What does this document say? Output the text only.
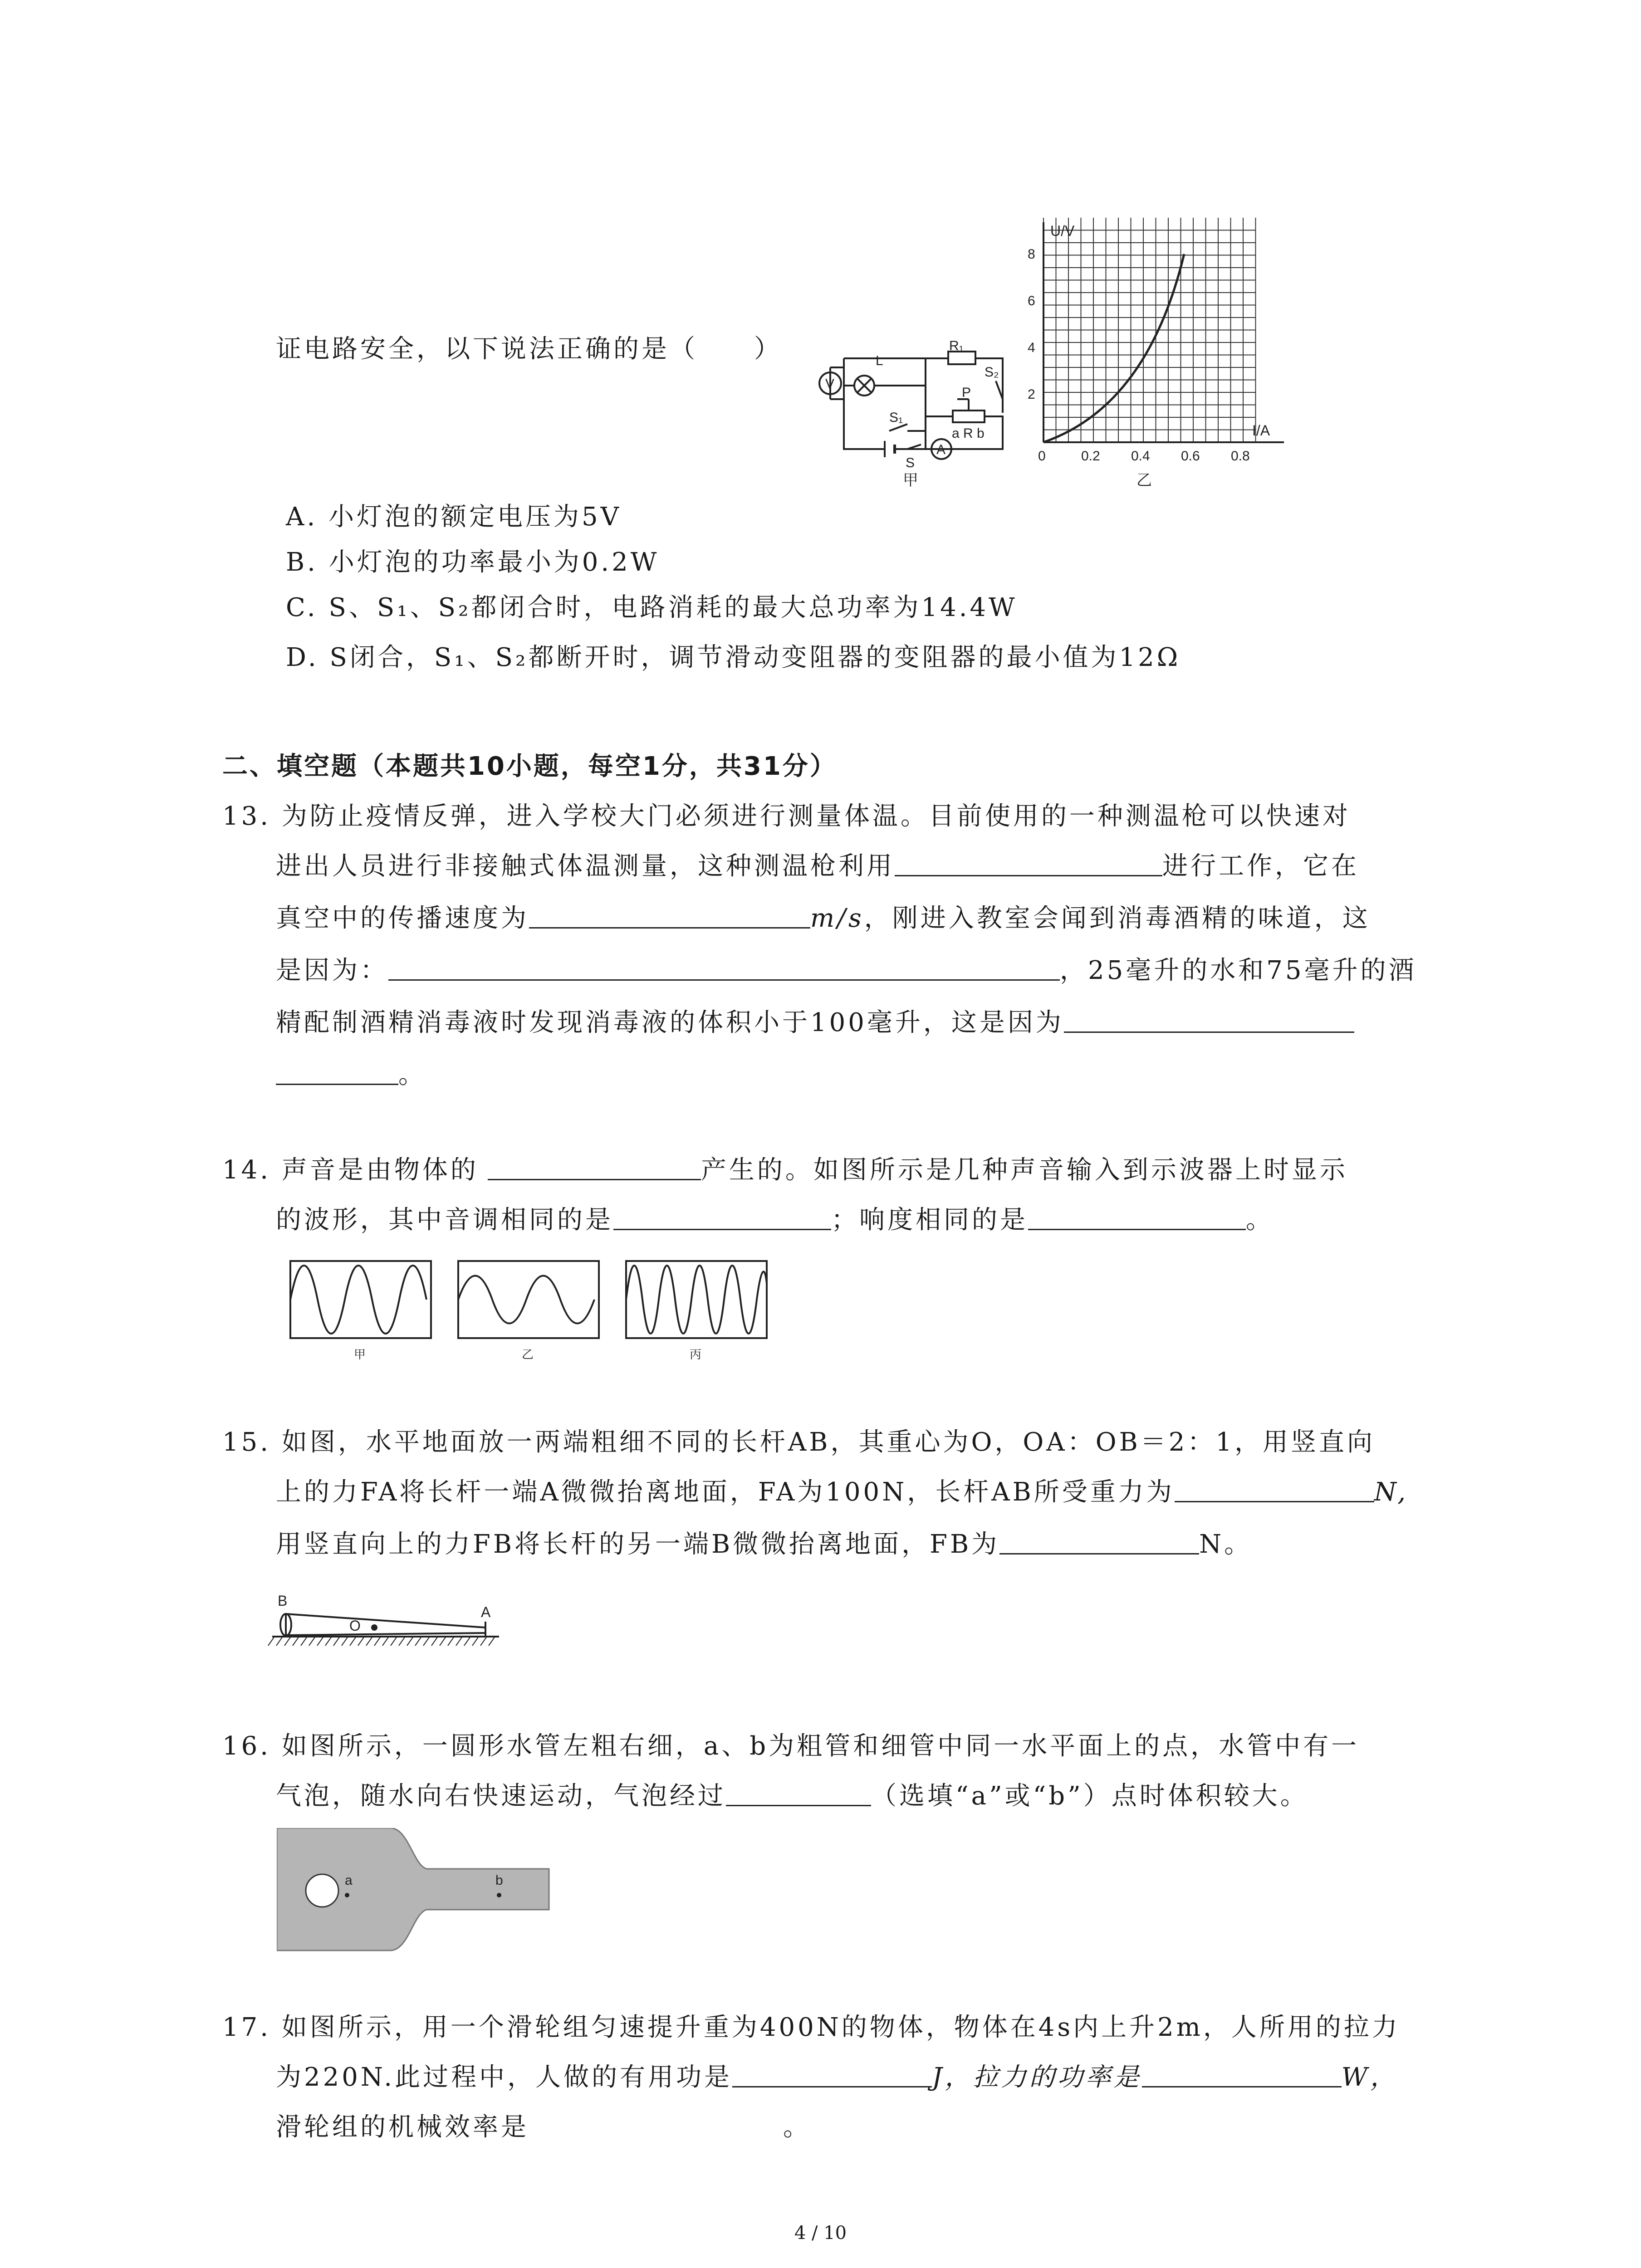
证电路安全，以下说法正确的是（　　）	R₁
S₂
L
V
S₁
P
a R b
S
A
甲
U/V
I/A
8
6
4
2
0	0.2 0.4 0.6 0.8
乙
A. 小灯泡的额定电压为5V
B. 小灯泡的功率最小为0.2W
C. S、S₁、S₂都闭合时，电路消耗的最大总功率为14.4W
D. S闭合，S₁、S₂都断开时，调节滑动变阻器的变阻器的最小值为12Ω
二、填空题（本题共10小题，每空1分，共31分）
13. 为防止疫情反弹，进入学校大门必须进行测量体温。目前使用的一种测温枪可以快速对
进出人员进行非接触式体温测量，这种测温枪利用	进行工作，它在
真空中的传播速度为	m/s，刚进入教室会闻到消毒酒精的味道，这
是因为：	，25毫升的水和75毫升的酒
精配制酒精消毒液时发现消毒液的体积小于100毫升，这是因为
。
14. 声音是由物体的	产生的。如图所示是几种声音输入到示波器上时显示
的波形，其中音调相同的是	；响度相同的是	。
甲	乙	丙
15. 如图，水平地面放一两端粗细不同的长杆AB，其重心为O，OA：OB＝2：1，用竖直向
上的力FA将长杆一端A微微抬离地面，FA为100N，长杆AB所受重力为	N,
用竖直向上的力FB将长杆的另一端B微微抬离地面，FB为	N。
B
A
O
16. 如图所示，一圆形水管左粗右细，a、b为粗管和细管中同一水平面上的点，水管中有一
气泡，随水向右快速运动，气泡经过	（选填“a”或“b”）点时体积较大。
a	b
17. 如图所示，用一个滑轮组匀速提升重为400N的物体，物体在4s内上升2m，人所用的拉力
为220N.此过程中，人做的有用功是	J，拉力的功率是	W，
滑轮组的机械效率是	。
4 / 10
